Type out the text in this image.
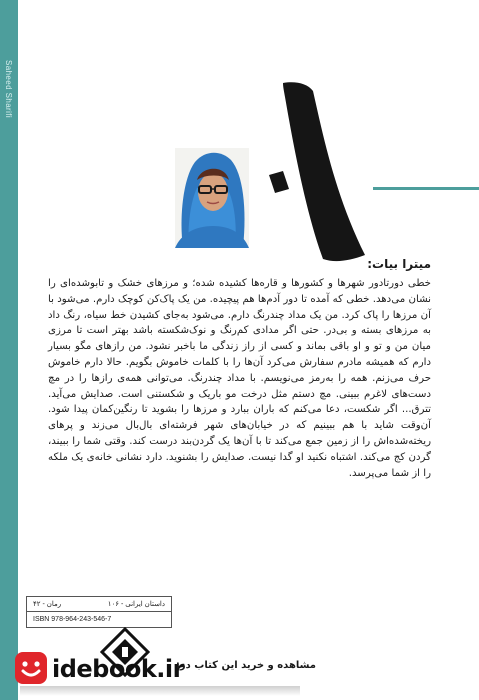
Saheed Sharifi
میترا بیات:

خطی دورتادور شهرها و کشورها و قاره‌ها کشیده شده؛ و مرزهای خشک و تابوشده‌ای را نشان می‌دهد. خطی که آمده تا دور آدم‌ها هم پیچیده. من یک پاک‌کن کوچک دارم. می‌شود با آن مرزها را پاک کرد. من یک مداد چندرنگ دارم. می‌شود به‌جای کشیدن خط سیاه، رنگ داد به مرزهای بسته و بی‌در. حتی اگر مدادی کم‌رنگ و نوک‌شکسته باشد بهتر است تا مرزی میان من و تو و او باقی بماند و کسی از راز زندگی ما باخبر نشود. من رازهای مگو بسیار دارم که همیشه مادرم سفارش می‌کرد آن‌ها را با کلمات خاموش بگویم. حالا دارم خاموش حرف می‌زنم. همه را به‌رمز می‌نویسم. با مداد چندرنگ. می‌توانی همه‌ی رازها را در مچ دست‌های لاغرم ببینی. مچ دستم مثل درخت مو باریک و شکستنی است. صدایش می‌آید. تترق... اگر شکست، دعا می‌کنم که باران ببارد و مرزها را بشوید تا رنگین‌کمان پیدا شود. آن‌وقت شاید با هم ببینیم که در خیابان‌های شهر فرشته‌ای بال‌بال می‌زند و پرهای ریخته‌شده‌اش را از زمین جمع می‌کند تا با آن‌ها یک گردن‌بند درست کند. وقتی شما را ببیند، گردن کج می‌کند. اشتباه نکنید او گدا نیست. صدایش را بشنوید. دارد نشانی خانه‌ی یک ملکه را از شما می‌پرسد.

داستان ایرانی - ۱۰۶
رمان - ۴۲
ISBN 978-964-243-546-7
idebook.ir
مشاهده و خرید این کتاب در:
